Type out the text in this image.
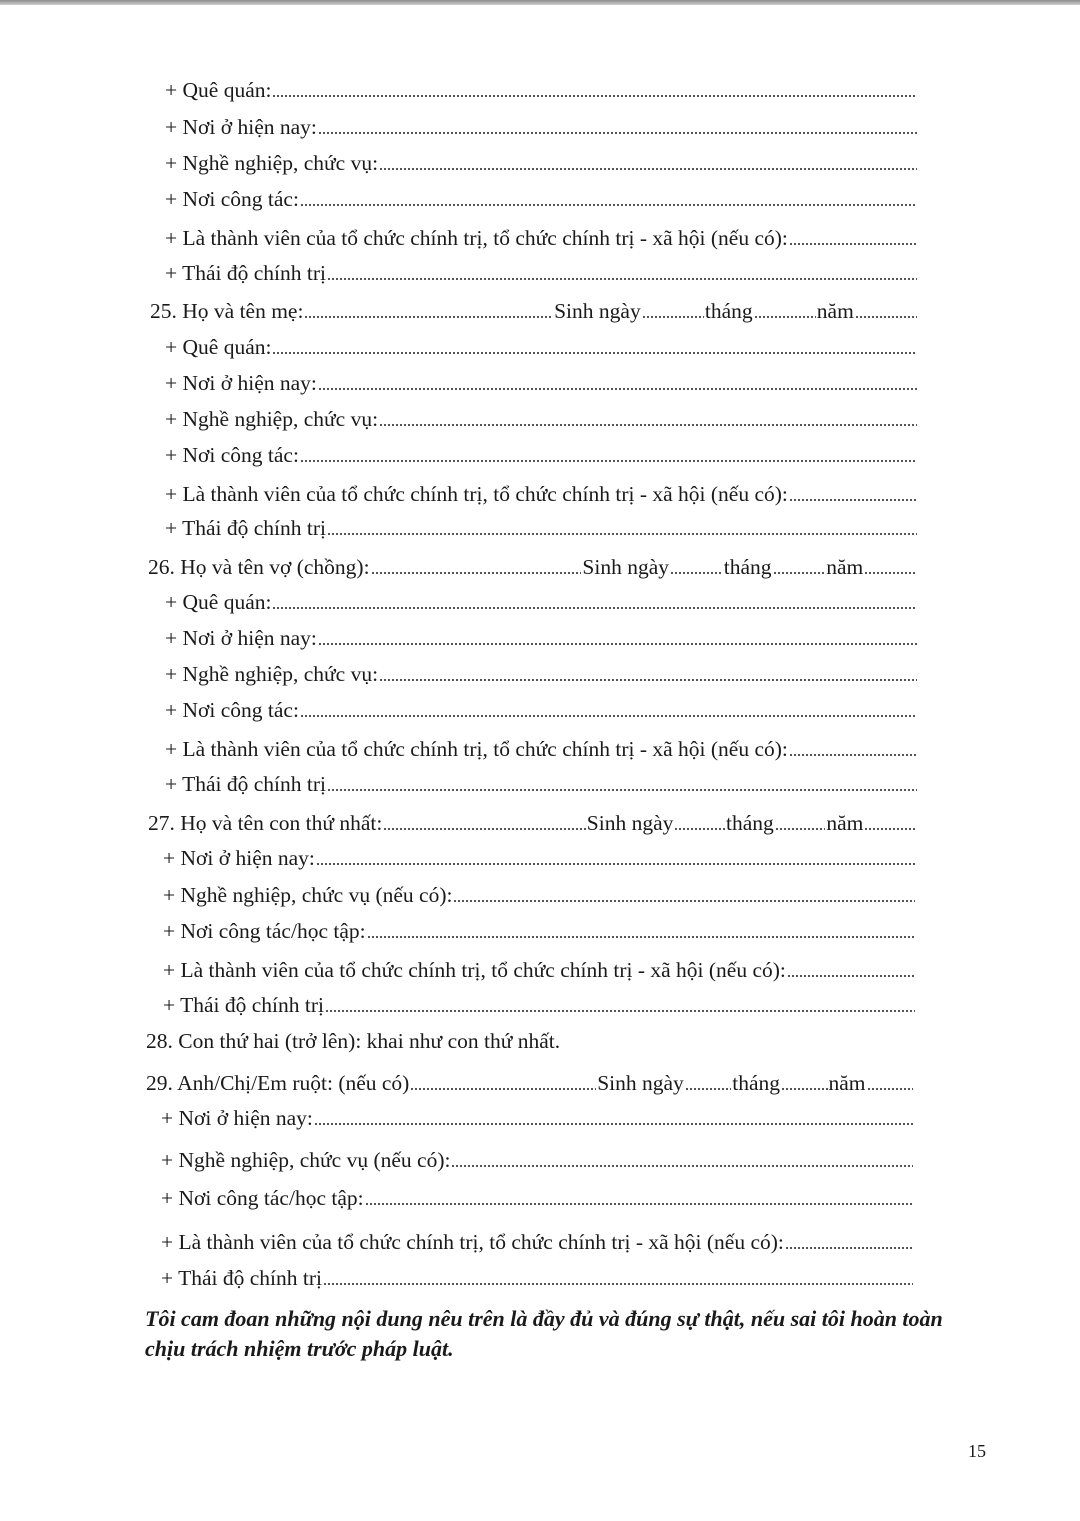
+ Quê quán:
+ Nơi ở hiện nay:
+ Nghề nghiệp, chức vụ:
+ Nơi công tác:
+ Là thành viên của tổ chức chính trị, tổ chức chính trị - xã hội (nếu có):
+ Thái độ chính trị
25. Họ và tên mẹ:	Sinh ngày	tháng	năm
+ Quê quán:
+ Nơi ở hiện nay:
+ Nghề nghiệp, chức vụ:
+ Nơi công tác:
+ Là thành viên của tổ chức chính trị, tổ chức chính trị - xã hội (nếu có):
+ Thái độ chính trị
26. Họ và tên vợ (chồng):	Sinh ngày	tháng	năm
+ Quê quán:
+ Nơi ở hiện nay:
+ Nghề nghiệp, chức vụ:
+ Nơi công tác:
+ Là thành viên của tổ chức chính trị, tổ chức chính trị - xã hội (nếu có):
+ Thái độ chính trị
27. Họ và tên con thứ nhất:	Sinh ngày tháng năm
+ Nơi ở hiện nay:
+ Nghề nghiệp, chức vụ (nếu có):
+ Nơi công tác/học tập:
+ Là thành viên của tổ chức chính trị, tổ chức chính trị - xã hội (nếu có):
+ Thái độ chính trị
28. Con thứ hai (trở lên): khai như con thứ nhất.
29. Anh/Chị/Em ruột: (nếu có)	Sinh ngày tháng năm
+ Nơi ở hiện nay:
+ Nghề nghiệp, chức vụ (nếu có):
+ Nơi công tác/học tập:
+ Là thành viên của tổ chức chính trị, tổ chức chính trị - xã hội (nếu có):
+ Thái độ chính trị

Tôi cam đoan những nội dung nêu trên là đầy đủ và đúng sự thật, nếu sai tôi hoàn toàn chịu trách nhiệm trước pháp luật.

15
